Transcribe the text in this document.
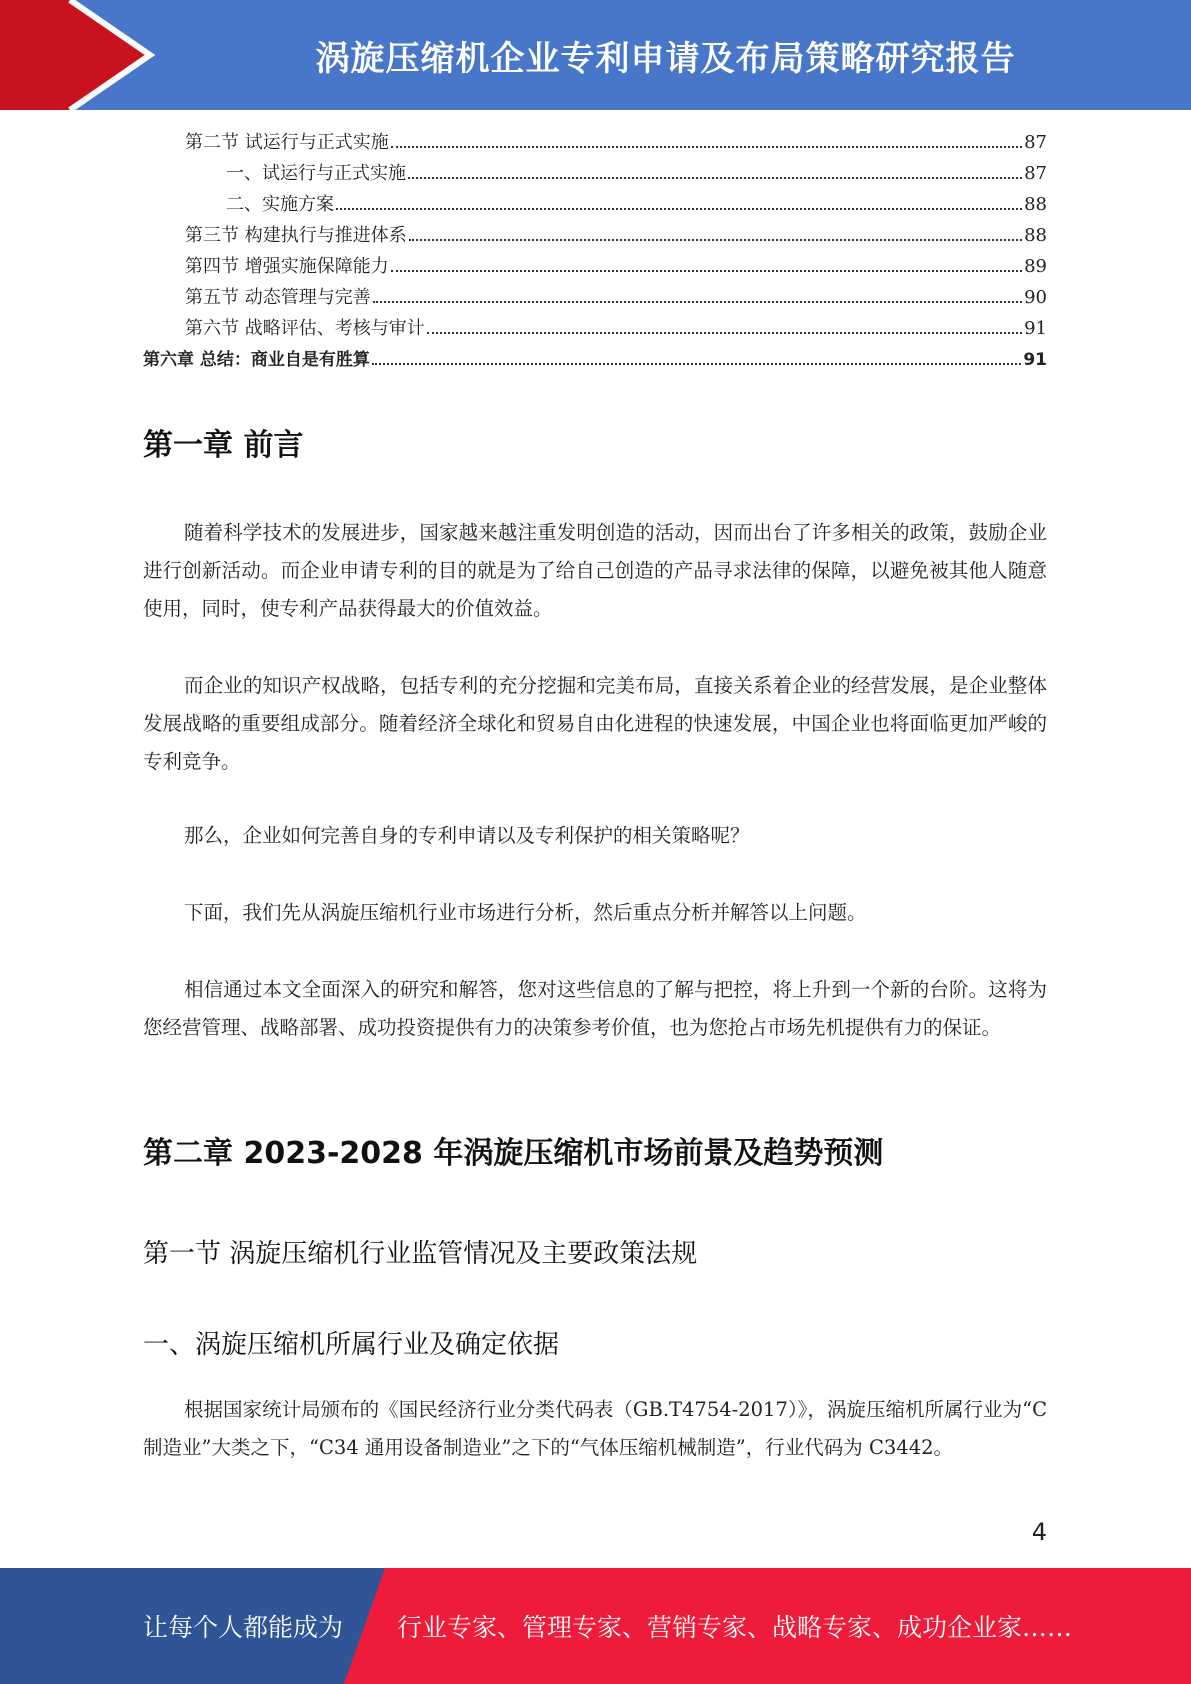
涡旋压缩机企业专利申请及布局策略研究报告
第二节 试运行与正式实施	87
一、试运行与正式实施	87
二、实施方案	88
第三节 构建执行与推进体系	88
第四节 增强实施保障能力	89
第五节 动态管理与完善	90
第六节 战略评估、考核与审计	91
第六章 总结：商业自是有胜算	91
第一章 前言

随着科学技术的发展进步，国家越来越注重发明创造的活动，因而出台了许多相关的政策，鼓励企业进行创新活动。而企业申请专利的目的就是为了给自己创造的产品寻求法律的保障，以避免被其他人随意使用，同时，使专利产品获得最大的价值效益。

而企业的知识产权战略，包括专利的充分挖掘和完美布局，直接关系着企业的经营发展，是企业整体发展战略的重要组成部分。随着经济全球化和贸易自由化进程的快速发展，中国企业也将面临更加严峻的专利竞争。

那么，企业如何完善自身的专利申请以及专利保护的相关策略呢？

下面，我们先从涡旋压缩机行业市场进行分析，然后重点分析并解答以上问题。

相信通过本文全面深入的研究和解答，您对这些信息的了解与把控，将上升到一个新的台阶。这将为您经营管理、战略部署、成功投资提供有力的决策参考价值，也为您抢占市场先机提供有力的保证。

第二章 2023-2028 年涡旋压缩机市场前景及趋势预测
第一节 涡旋压缩机行业监管情况及主要政策法规
一、涡旋压缩机所属行业及确定依据

根据国家统计局颁布的《国民经济行业分类代码表（GB.T4754-2017）》，涡旋压缩机所属行业为“C 制造业”大类之下，“C34 通用设备制造业”之下的“气体压缩机械制造”，行业代码为 C3442。

4
让每个人都能成为 行业专家、管理专家、营销专家、战略专家、成功企业家……
